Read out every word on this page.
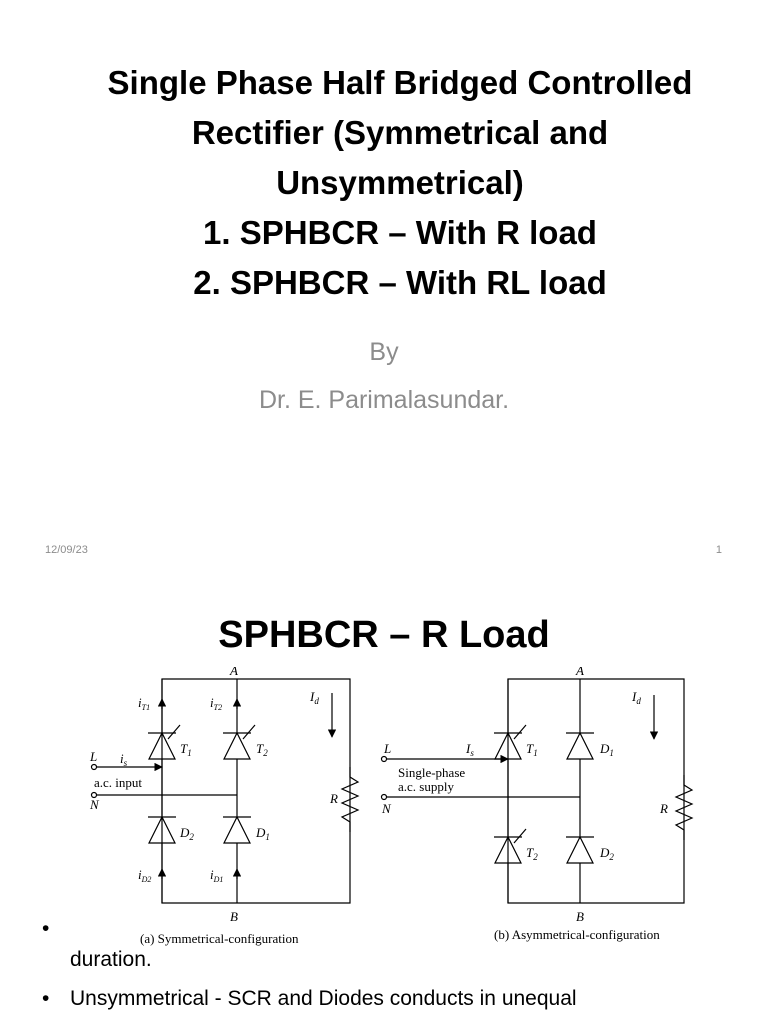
Single Phase Half Bridged Controlled
Rectifier (Symmetrical and
Unsymmetrical)
1. SPHBCR – With R load
2. SPHBCR – With RL load
By
Dr. E. Parimalasundar.
12/09/23	1
SPHBCR – R Load
A
B
L
N
a.c. input
$i_s$
$I_d$
R
$T_1$	$T_2$
$D_2$	$D_1$
$i_{T1}$	$i_{T2}$
$i_{D2}$	$i_{D1}$
(a) Symmetrical-configuration
A
B
L
N
Single-phase
a.c. supply
$I_s$
$I_d$
R
$T_1$	$D_1$
$T_2$	$D_2$
(b) Asymmetrical-configuration
•

duration.
• Unsymmetrical - SCR and Diodes conducts in unequal
